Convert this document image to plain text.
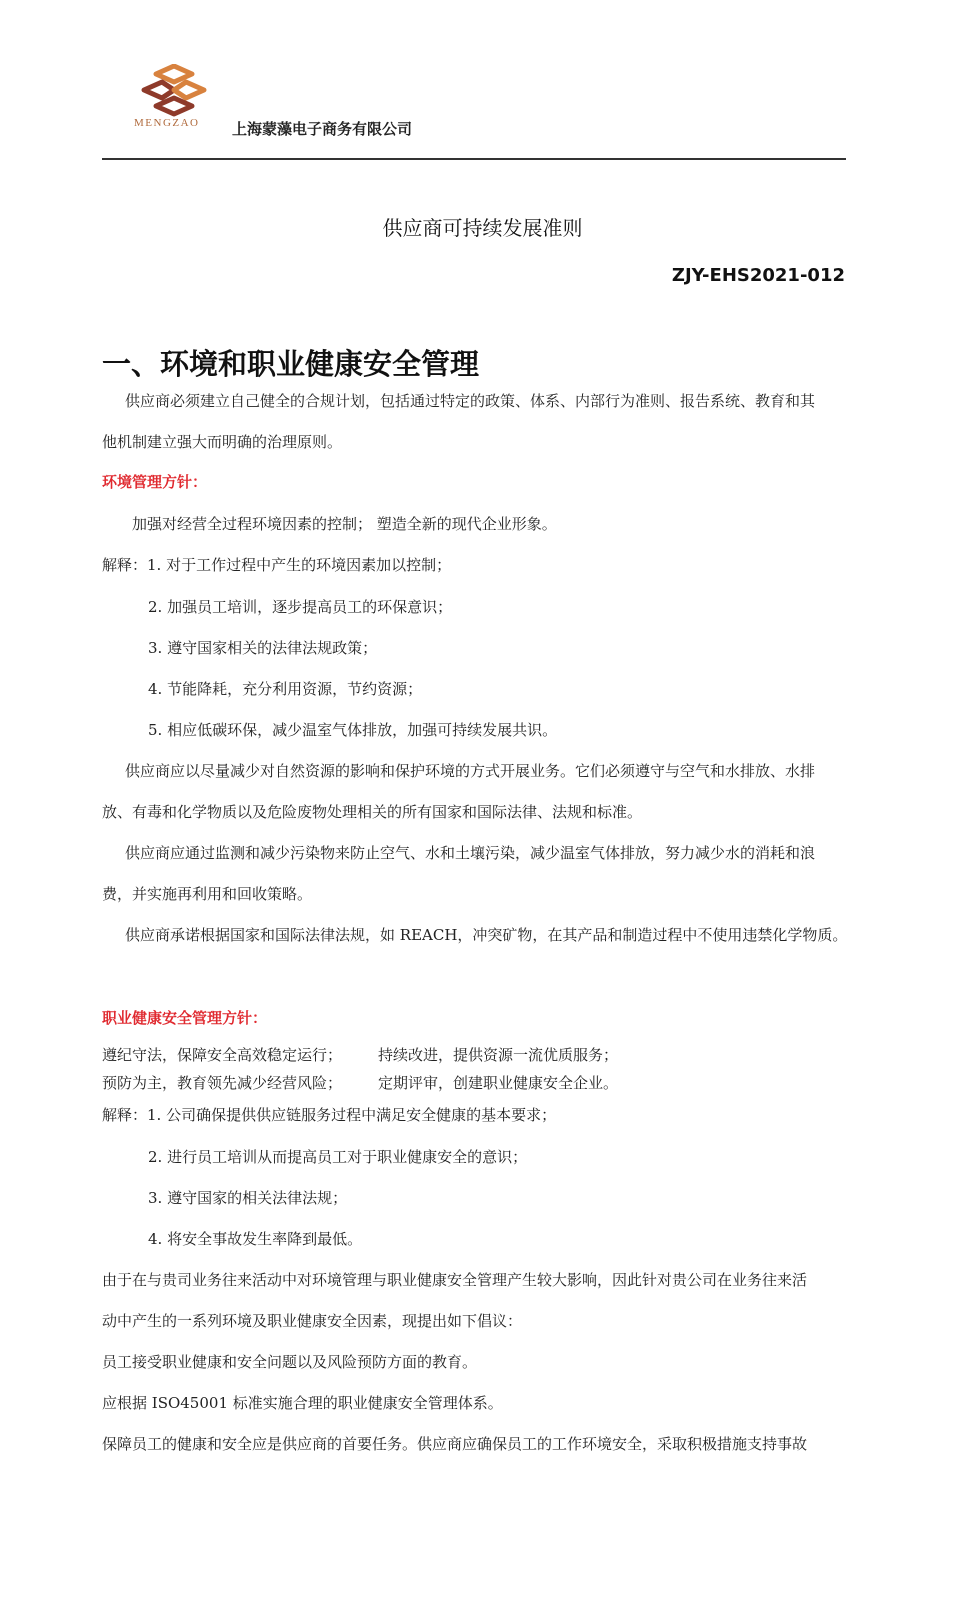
MENGZAO 上海蒙藻电子商务有限公司
供应商可持续发展准则
ZJY-EHS2021-012
一、环境和职业健康安全管理
供应商必须建立自己健全的合规计划，包括通过特定的政策、体系、内部行为准则、报告系统、教育和其
他机制建立强大而明确的治理原则。
环境管理方针：
加强对经营全过程环境因素的控制； 塑造全新的现代企业形象。
解释：1. 对于工作过程中产生的环境因素加以控制；
2. 加强员工培训，逐步提高员工的环保意识；
3. 遵守国家相关的法律法规政策；
4. 节能降耗，充分利用资源，节约资源；
5. 相应低碳环保，减少温室气体排放，加强可持续发展共识。
供应商应以尽量减少对自然资源的影响和保护环境的方式开展业务。它们必须遵守与空气和水排放、水排
放、有毒和化学物质以及危险废物处理相关的所有国家和国际法律、法规和标准。
供应商应通过监测和减少污染物来防止空气、水和土壤污染，减少温室气体排放，努力减少水的消耗和浪
费，并实施再利用和回收策略。
供应商承诺根据国家和国际法律法规，如 REACH，冲突矿物，在其产品和制造过程中不使用违禁化学物质。
职业健康安全管理方针：
遵纪守法，保障安全高效稳定运行； 持续改进，提供资源一流优质服务；
预防为主，教育领先减少经营风险； 定期评审，创建职业健康安全企业。
解释：1. 公司确保提供供应链服务过程中满足安全健康的基本要求；
2. 进行员工培训从而提高员工对于职业健康安全的意识；
3. 遵守国家的相关法律法规；
4. 将安全事故发生率降到最低。
由于在与贵司业务往来活动中对环境管理与职业健康安全管理产生较大影响，因此针对贵公司在业务往来活
动中产生的一系列环境及职业健康安全因素，现提出如下倡议：
员工接受职业健康和安全问题以及风险预防方面的教育。
应根据 ISO45001 标准实施合理的职业健康安全管理体系。
保障员工的健康和安全应是供应商的首要任务。供应商应确保员工的工作环境安全，采取积极措施支持事故
